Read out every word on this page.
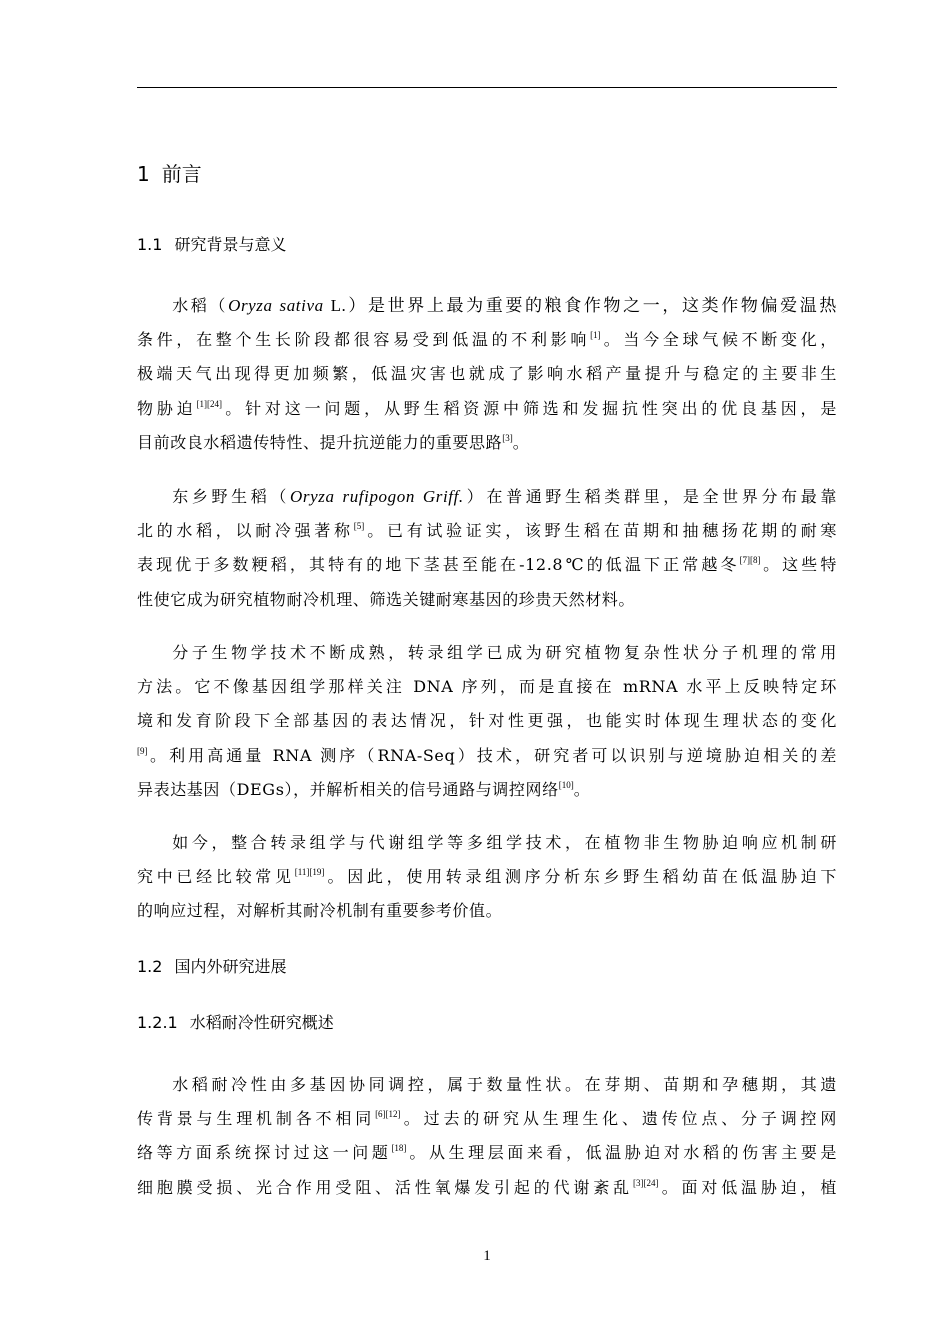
1 前言
1.1 研究背景与意义
水稻（Oryza sativa L.）是世界上最为重要的粮食作物之一，这类作物偏爱温热
条件，在整个生长阶段都很容易受到低温的不利影响[1]。当今全球气候不断变化，
极端天气出现得更加频繁，低温灾害也就成了影响水稻产量提升与稳定的主要非生
物胁迫[1][24]。针对这一问题，从野生稻资源中筛选和发掘抗性突出的优良基因，是
目前改良水稻遗传特性、提升抗逆能力的重要思路[3]。
东乡野生稻（Oryza rufipogon Griff.）在普通野生稻类群里，是全世界分布最靠
北的水稻，以耐冷强著称[5]。已有试验证实，该野生稻在苗期和抽穗扬花期的耐寒
表现优于多数粳稻，其特有的地下茎甚至能在-12.8℃的低温下正常越冬[7][8]。这些特
性使它成为研究植物耐冷机理、筛选关键耐寒基因的珍贵天然材料。
分子生物学技术不断成熟，转录组学已成为研究植物复杂性状分子机理的常用
方法。它不像基因组学那样关注 DNA 序列，而是直接在 mRNA 水平上反映特定环
境和发育阶段下全部基因的表达情况，针对性更强，也能实时体现生理状态的变化
[9]。利用高通量 RNA 测序（RNA-Seq）技术，研究者可以识别与逆境胁迫相关的差
异表达基因（DEGs），并解析相关的信号通路与调控网络[10]。
如今，整合转录组学与代谢组学等多组学技术，在植物非生物胁迫响应机制研
究中已经比较常见[11][19]。因此，使用转录组测序分析东乡野生稻幼苗在低温胁迫下
的响应过程，对解析其耐冷机制有重要参考价值。
1.2 国内外研究进展
1.2.1 水稻耐冷性研究概述
水稻耐冷性由多基因协同调控，属于数量性状。在芽期、苗期和孕穗期，其遗
传背景与生理机制各不相同[6][12]。过去的研究从生理生化、遗传位点、分子调控网
络等方面系统探讨过这一问题[18]。从生理层面来看，低温胁迫对水稻的伤害主要是
细胞膜受损、光合作用受阻、活性氧爆发引起的代谢紊乱[3][24]。面对低温胁迫，植
1
